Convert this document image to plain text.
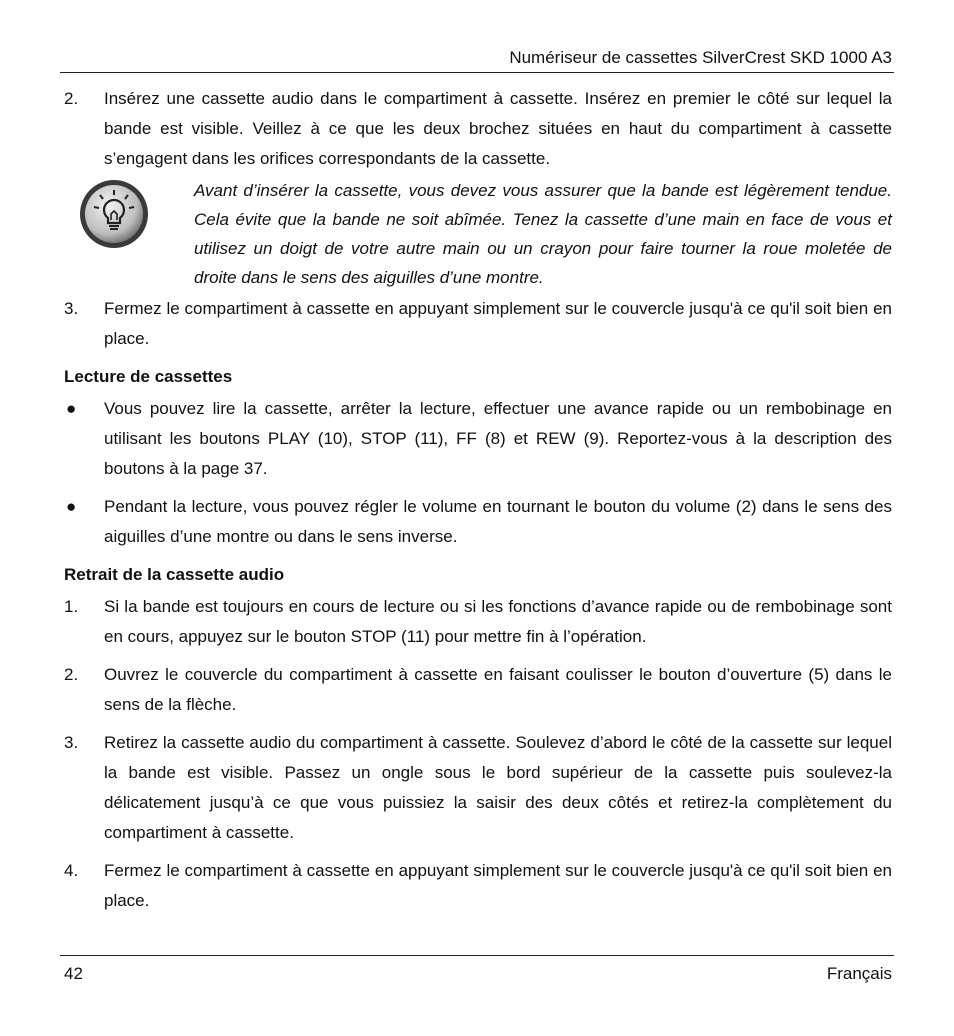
Numériseur de cassettes SilverCrest SKD 1000 A3
2. Insérez une cassette audio dans le compartiment à cassette. Insérez en premier le côté sur lequel la bande est visible. Veillez à ce que les deux brochez situées en haut du compartiment à cassette s’engagent dans les orifices correspondants de la cassette.
Avant d’insérer la cassette, vous devez vous assurer que la bande est légèrement tendue. Cela évite que la bande ne soit abîmée. Tenez la cassette d’une main en face de vous et utilisez un doigt de votre autre main ou un crayon pour faire tourner la roue moletée de droite dans le sens des aiguilles d’une montre.
3. Fermez le compartiment à cassette en appuyant simplement sur le couvercle jusqu'à ce qu'il soit bien en place.
Lecture de cassettes
● Vous pouvez lire la cassette, arrêter la lecture, effectuer une avance rapide ou un rembobinage en utilisant les boutons PLAY (10), STOP (11), FF (8) et REW (9). Reportez-vous à la description des boutons à la page 37.
● Pendant la lecture, vous pouvez régler le volume en tournant le bouton du volume (2) dans le sens des aiguilles d’une montre ou dans le sens inverse.
Retrait de la cassette audio
1. Si la bande est toujours en cours de lecture ou si les fonctions d’avance rapide ou de rembobinage sont en cours, appuyez sur le bouton STOP (11) pour mettre fin à l’opération.
2. Ouvrez le couvercle du compartiment à cassette en faisant coulisser le bouton d’ouverture (5) dans le sens de la flèche.
3. Retirez la cassette audio du compartiment à cassette. Soulevez d’abord le côté de la cassette sur lequel la bande est visible. Passez un ongle sous le bord supérieur de la cassette puis soulevez-la délicatement jusqu’à ce que vous puissiez la saisir des deux côtés et retirez-la complètement du compartiment à cassette.
4. Fermez le compartiment à cassette en appuyant simplement sur le couvercle jusqu'à ce qu'il soit bien en place.
42	Français
